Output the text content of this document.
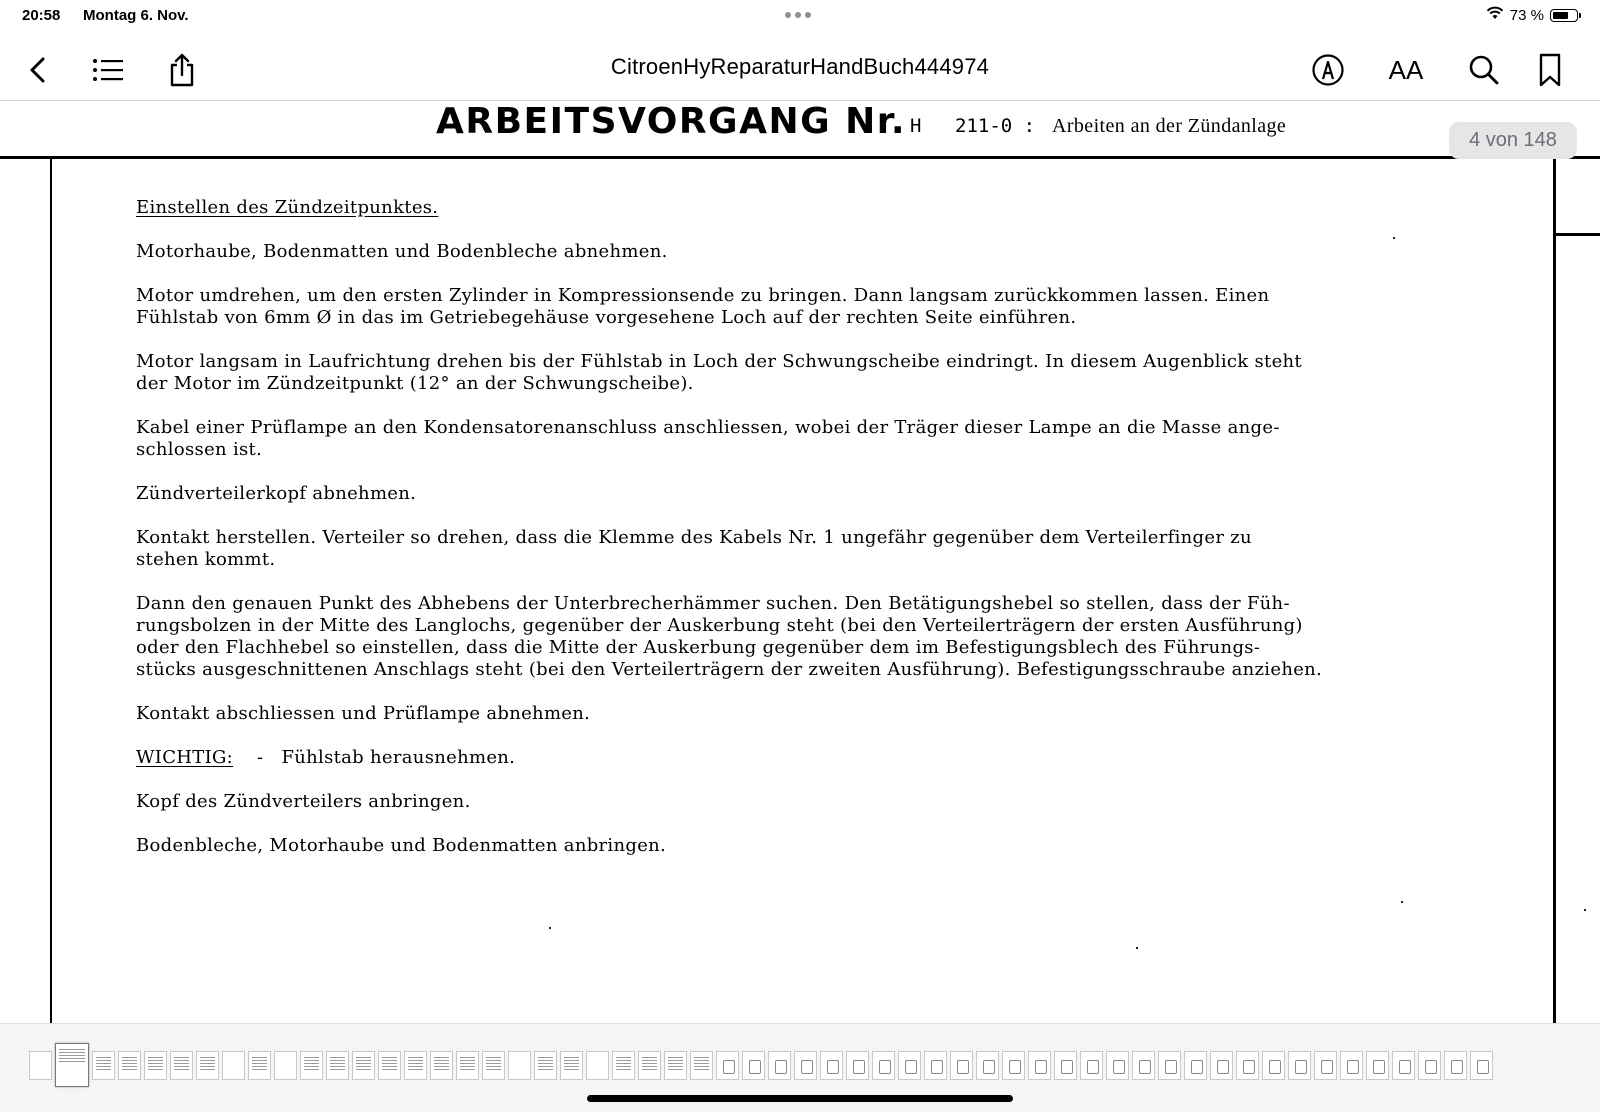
20:58 Montag 6. Nov.	73 %
CitroenHyReparaturHandBuch444974	AA
ARBEITSVORGANG Nr. H 211-0 : Arbeiten an der Zündanlage
4 von 148

Einstellen des Zündzeitpunktes.

Motorhaube, Bodenmatten und Bodenbleche abnehmen.

Motor umdrehen, um den ersten Zylinder in Kompressionsende zu bringen. Dann langsam zurückkommen lassen. Einen
Fühlstab von 6mm Ø in das im Getriebegehäuse vorgesehene Loch auf der rechten Seite einführen.

Motor langsam in Laufrichtung drehen bis der Fühlstab in Loch der Schwungscheibe eindringt. In diesem Augenblick steht
der Motor im Zündzeitpunkt (12° an der Schwungscheibe).

Kabel einer Prüflampe an den Kondensatorenanschluss anschliessen, wobei der Träger dieser Lampe an die Masse ange-
schlossen ist.

Zündverteilerkopf abnehmen.

Kontakt herstellen. Verteiler so drehen, dass die Klemme des Kabels Nr. 1 ungefähr gegenüber dem Verteilerfinger zu
stehen kommt.

Dann den genauen Punkt des Abhebens der Unterbrecherhämmer suchen. Den Betätigungshebel so stellen, dass der Füh-
rungsbolzen in der Mitte des Langlochs, gegenüber der Auskerbung steht (bei den Verteilerträgern der ersten Ausführung)
oder den Flachhebel so einstellen, dass die Mitte der Auskerbung gegenüber dem im Befestigungsblech des Führungs-
stücks ausgeschnittenen Anschlags steht (bei den Verteilerträgern der zweiten Ausführung). Befestigungsschraube anziehen.

Kontakt abschliessen und Prüflampe abnehmen.

WICHTIG: - Fühlstab herausnehmen.

Kopf des Zündverteilers anbringen.

Bodenbleche, Motorhaube und Bodenmatten anbringen.
